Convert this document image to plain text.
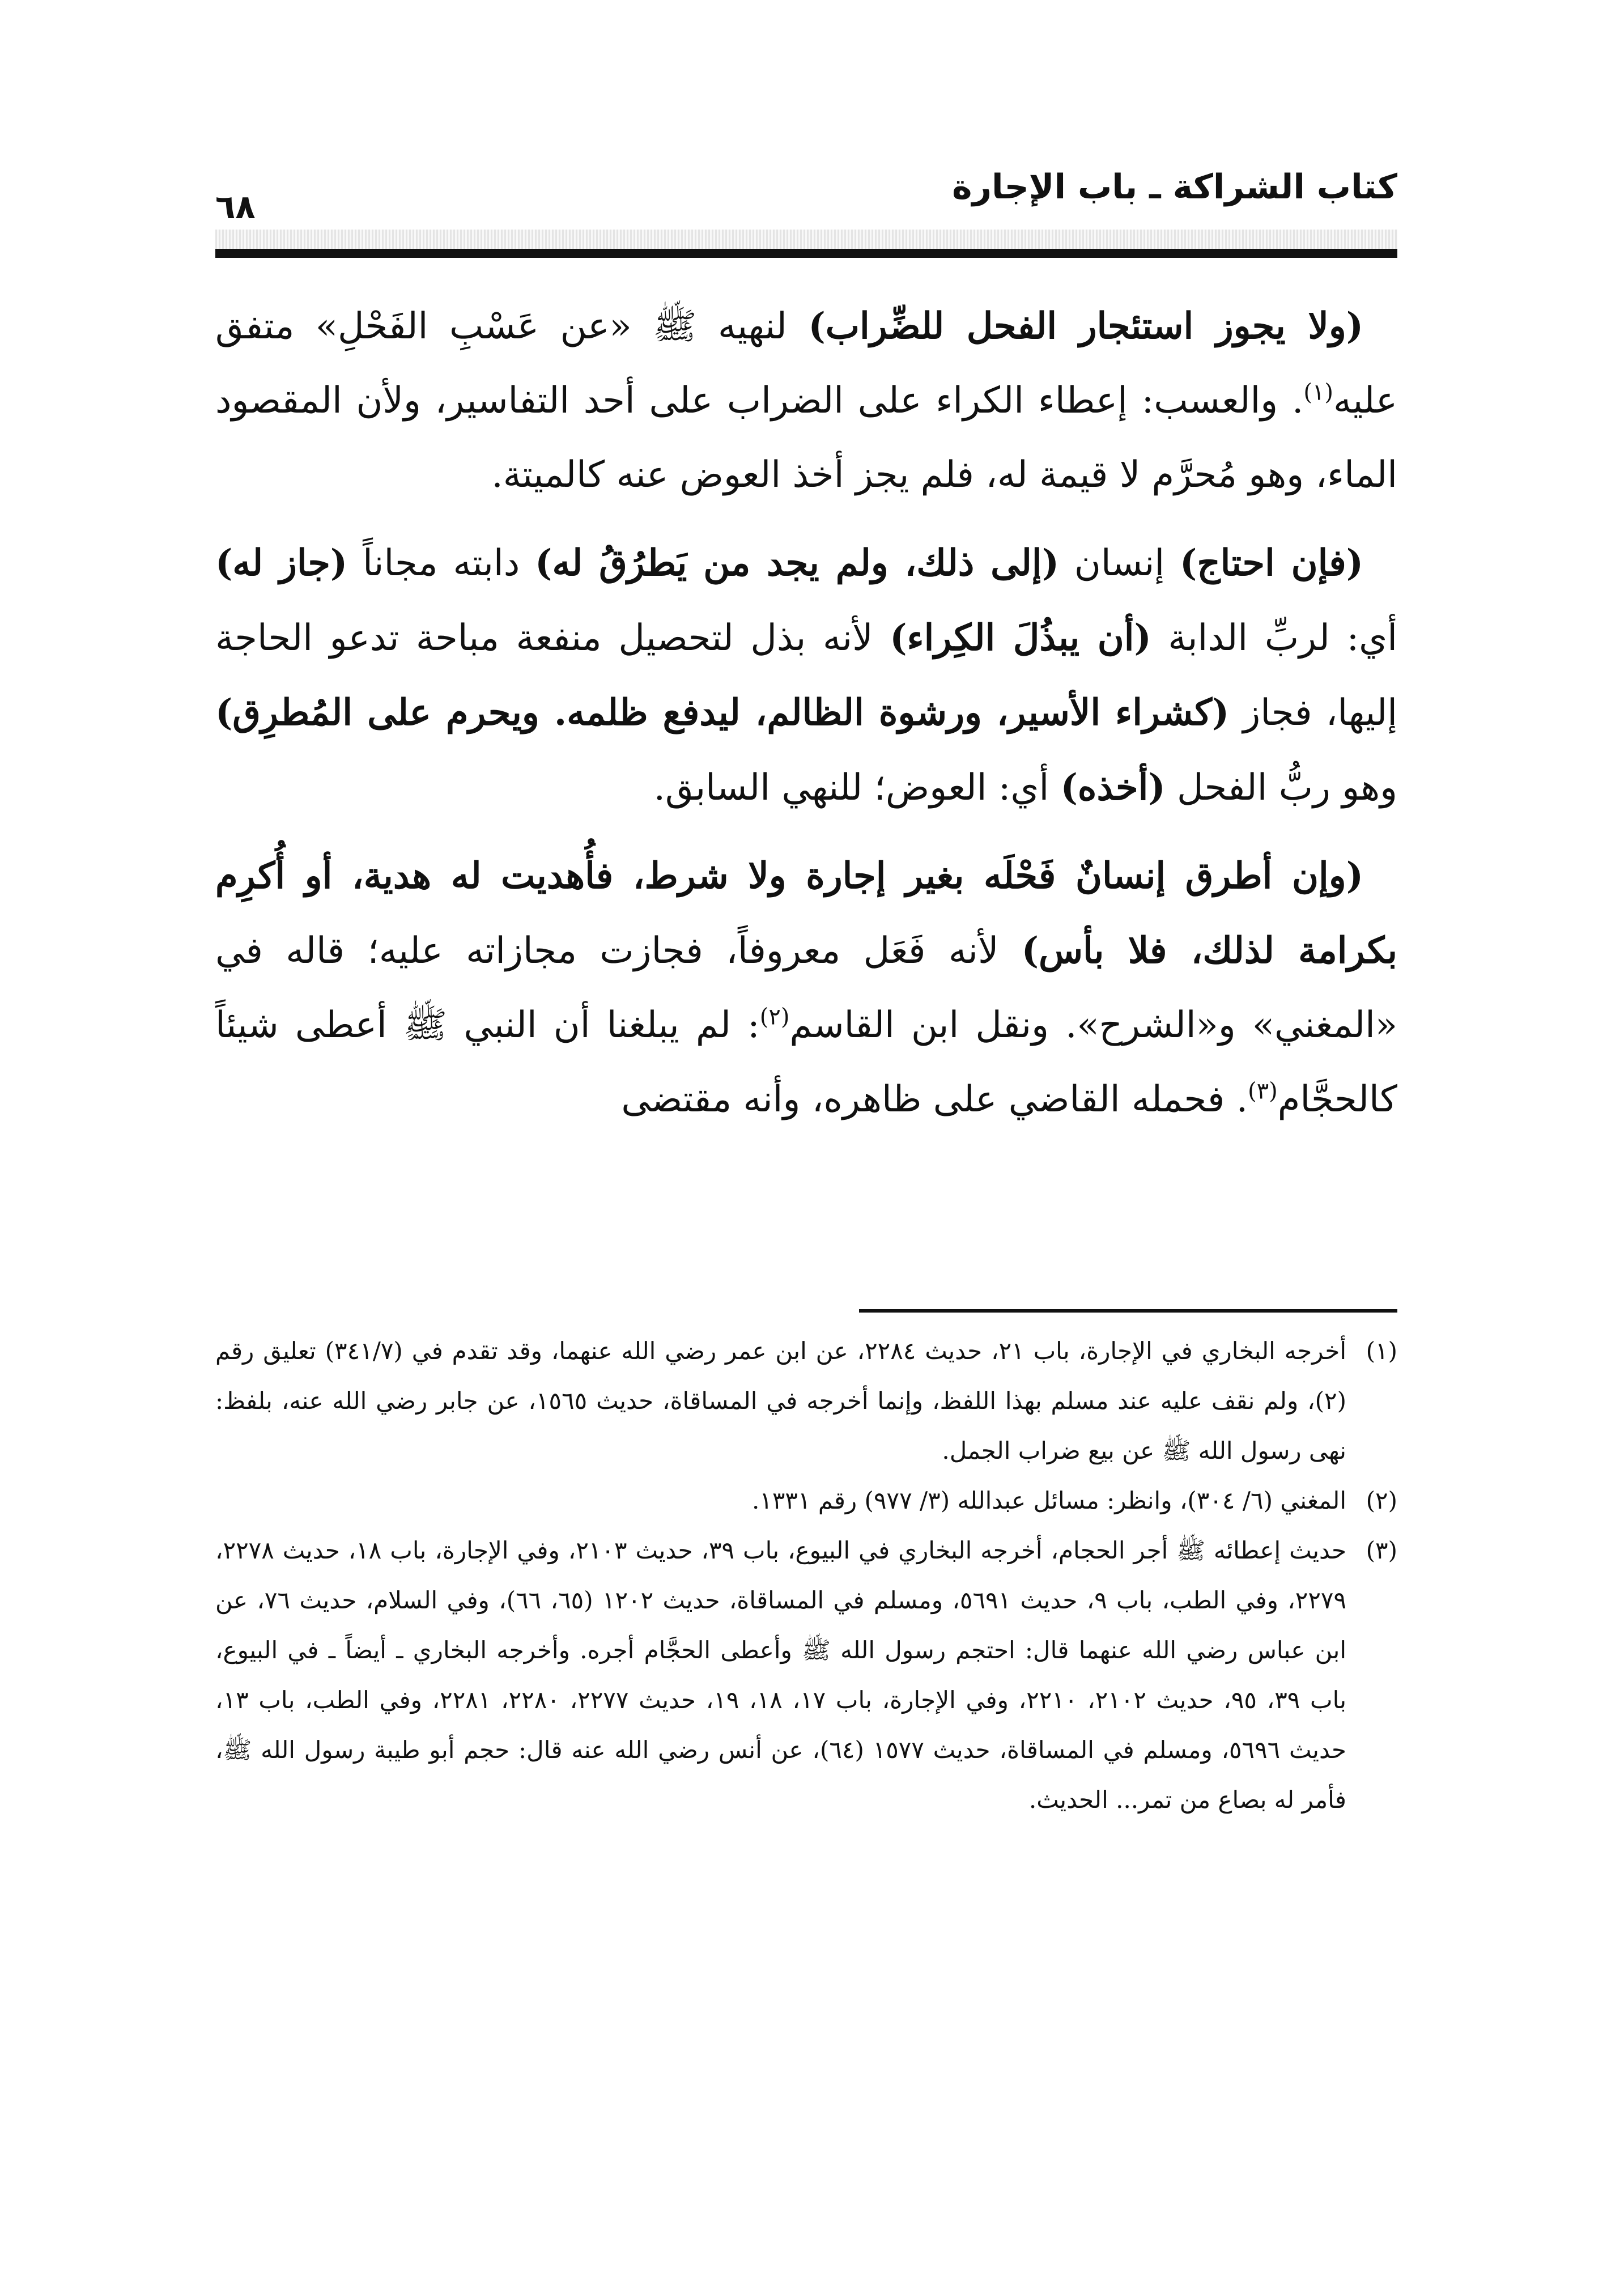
كتاب الشراكة ـ باب الإجارة
٦٨

(ولا يجوز استئجار الفحل للضِّراب) لنهيه ﷺ «عن عَسْبِ الفَحْلِ» متفق عليه$^{(١)}$. والعسب: إعطاء الكراء على الضراب على أحد التفاسير، ولأن المقصود الماء، وهو مُحرَّم لا قيمة له، فلم يجز أخذ العوض عنه كالميتة.

(فإن احتاج) إنسان (إلى ذلك، ولم يجد من يَطرُقُ له) دابته مجاناً (جاز له) أي: لربِّ الدابة (أن يبذُلَ الكِراء) لأنه بذل لتحصيل منفعة مباحة تدعو الحاجة إليها، فجاز (كشراء الأسير، ورشوة الظالم، ليدفع ظلمه. ويحرم على المُطرِق) وهو ربُّ الفحل (أخذه) أي: العوض؛ للنهي السابق.

(وإن أطرق إنسانٌ فَحْلَه بغير إجارة ولا شرط، فأُهديت له هدية، أو أُكرِم بكرامة لذلك، فلا بأس) لأنه فَعَل معروفاً، فجازت مجازاته عليه؛ قاله في «المغني» و«الشرح». ونقل ابن القاسم$^{(٢)}$: لم يبلغنا أن النبي ﷺ أعطى شيئاً كالحجَّام$^{(٣)}$. فحمله القاضي على ظاهره، وأنه مقتضى

(١)
أخرجه البخاري في الإجارة، باب ٢١، حديث ٢٢٨٤، عن ابن عمر رضي الله عنهما، وقد تقدم في (٣٤١/٧) تعليق رقم (٢)، ولم نقف عليه عند مسلم بهذا اللفظ، وإنما أخرجه في المساقاة، حديث ١٥٦٥، عن جابر رضي الله عنه، بلفظ: نهى رسول الله ﷺ عن بيع ضراب الجمل.

(٢)
المغني (٦/ ٣٠٤)، وانظر: مسائل عبدالله (٣/ ٩٧٧) رقم ١٣٣١.

(٣)
حديث إعطائه ﷺ أجر الحجام، أخرجه البخاري في البيوع، باب ٣٩، حديث ٢١٠٣، وفي الإجارة، باب ١٨، حديث ٢٢٧٨، ٢٢٧٩، وفي الطب، باب ٩، حديث ٥٦٩١، ومسلم في المساقاة، حديث ١٢٠٢ (٦٥، ٦٦)، وفي السلام، حديث ٧٦، عن ابن عباس رضي الله عنهما قال: احتجم رسول الله ﷺ وأعطى الحجَّام أجره. وأخرجه البخاري ـ أيضاً ـ في البيوع، باب ٣٩، ٩٥، حديث ٢١٠٢، ٢٢١٠، وفي الإجارة، باب ١٧، ١٨، ١٩، حديث ٢٢٧٧، ٢٢٨٠، ٢٢٨١، وفي الطب، باب ١٣، حديث ٥٦٩٦، ومسلم في المساقاة، حديث ١٥٧٧ (٦٤)، عن أنس رضي الله عنه قال: حجم أبو طيبة رسول الله ﷺ، فأمر له بصاع من تمر... الحديث.
